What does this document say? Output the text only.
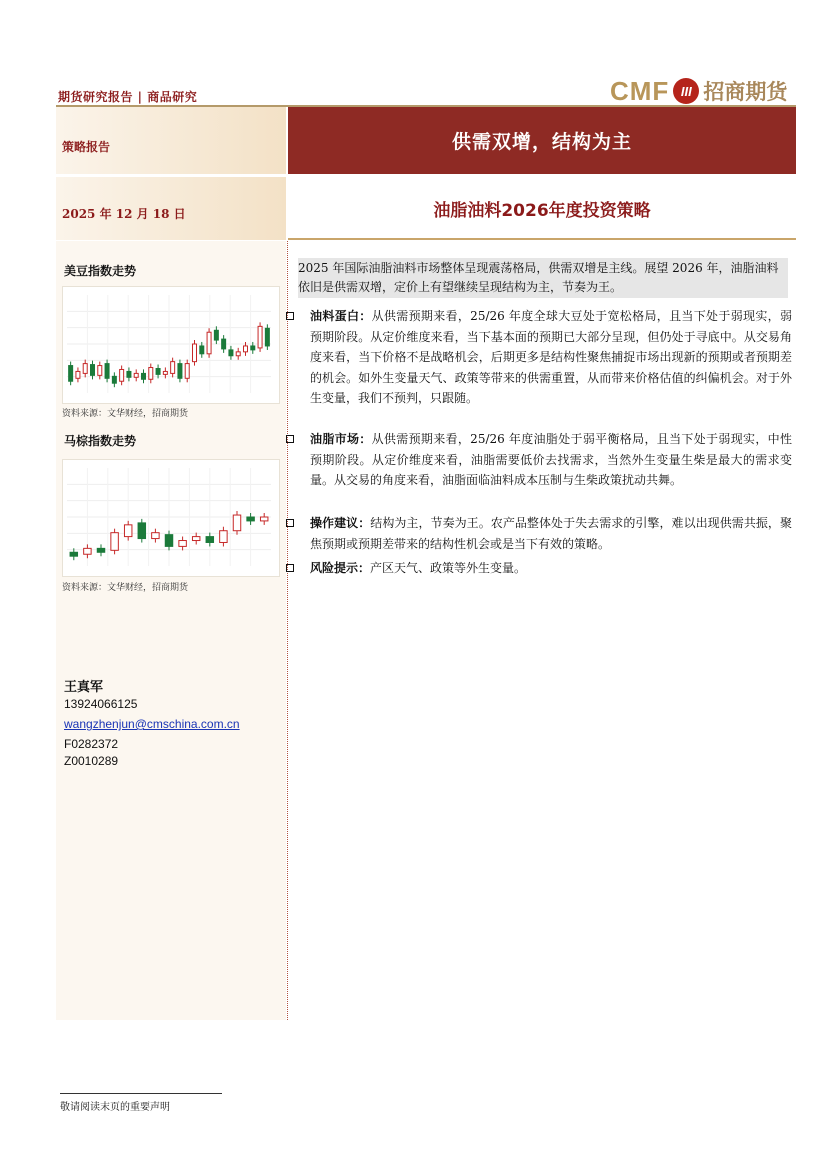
期货研究报告 | 商品研究	CMF III 招商期货
策略报告
2025 年 12 月 18 日
供需双增，结构为主
油脂油料2026年度投资策略
美豆指数走势
资料来源：文华财经，招商期货
马棕指数走势
资料来源：文华财经，招商期货
王真军
13924066125
wangzhenjun@cmschina.com.cn
F0282372
Z0010289
2025 年国际油脂油料市场整体呈现震荡格局，供需双增是主线。展望 2026 年，油脂油料依旧是供需双增，定价上有望继续呈现结构为主，节奏为王。
油料蛋白：从供需预期来看，25/26 年度全球大豆处于宽松格局，且当下处于弱现实，弱预期阶段。从定价维度来看，当下基本面的预期已大部分呈现，但仍处于寻底中。从交易角度来看，当下价格不是战略机会，后期更多是结构性聚焦捕捉市场出现新的预期或者预期差的机会。如外生变量天气、政策等带来的供需重置，从而带来价格估值的纠偏机会。对于外生变量，我们不预判，只跟随。
油脂市场：从供需预期来看，25/26 年度油脂处于弱平衡格局，且当下处于弱现实，中性预期阶段。从定价维度来看，油脂需要低价去找需求，当然外生变量生柴是最大的需求变量。从交易的角度来看，油脂面临油料成本压制与生柴政策扰动共舞。
操作建议：结构为主，节奏为王。农产品整体处于失去需求的引擎，难以出现供需共振，聚焦预期或预期差带来的结构性机会或是当下有效的策略。
风险提示：产区天气、政策等外生变量。
敬请阅读末页的重要声明
